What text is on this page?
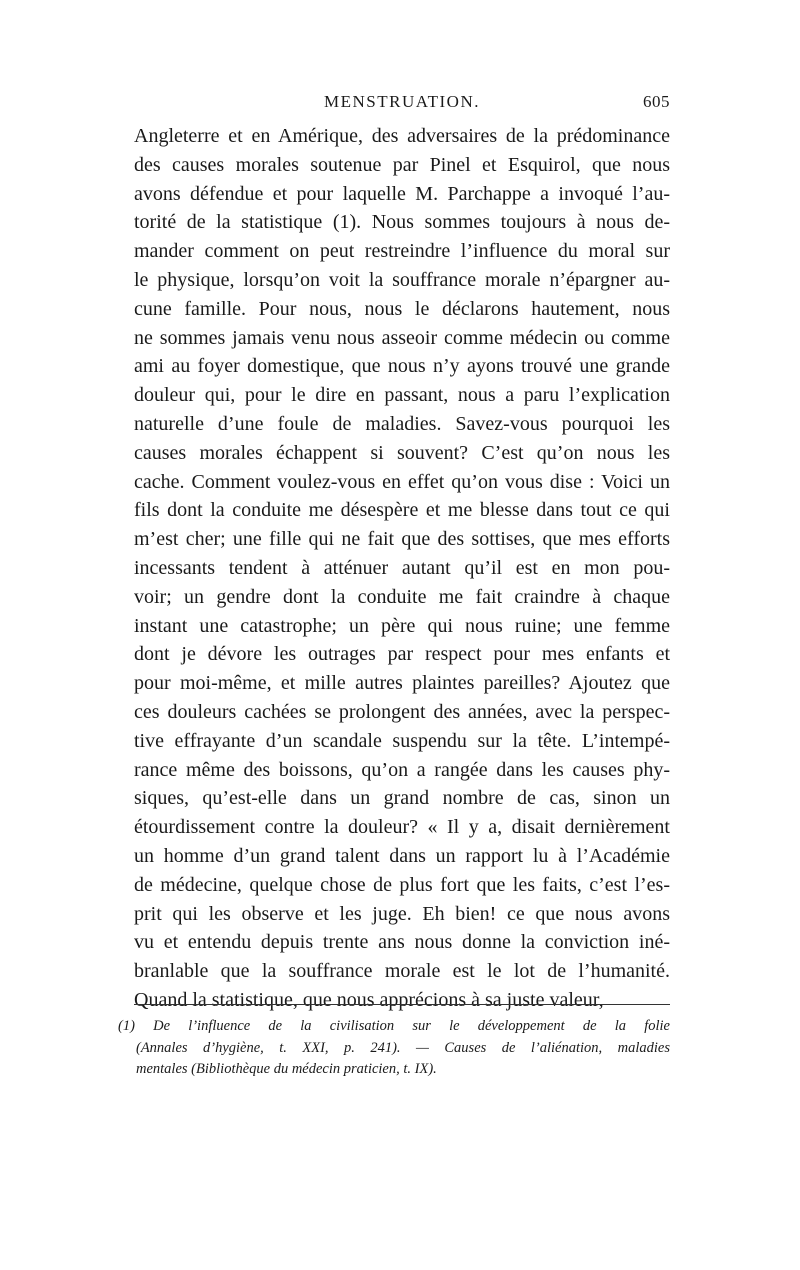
MENSTRUATION.	605
Angleterre et en Amérique, des adversaires de la prédominance
des causes morales soutenue par Pinel et Esquirol, que nous
avons défendue et pour laquelle M. Parchappe a invoqué l’au-
torité de la statistique (1). Nous sommes toujours à nous de-
mander comment on peut restreindre l’influence du moral sur
le physique, lorsqu’on voit la souffrance morale n’épargner au-
cune famille. Pour nous, nous le déclarons hautement, nous
ne sommes jamais venu nous asseoir comme médecin ou comme
ami au foyer domestique, que nous n’y ayons trouvé une grande
douleur qui, pour le dire en passant, nous a paru l’explication
naturelle d’une foule de maladies. Savez-vous pourquoi les
causes morales échappent si souvent? C’est qu’on nous les
cache. Comment voulez-vous en effet qu’on vous dise : Voici un
fils dont la conduite me désespère et me blesse dans tout ce qui
m’est cher; une fille qui ne fait que des sottises, que mes efforts
incessants tendent à atténuer autant qu’il est en mon pou-
voir; un gendre dont la conduite me fait craindre à chaque
instant une catastrophe; un père qui nous ruine; une femme
dont je dévore les outrages par respect pour mes enfants et
pour moi-même, et mille autres plaintes pareilles? Ajoutez que
ces douleurs cachées se prolongent des années, avec la perspec-
tive effrayante d’un scandale suspendu sur la tête. L’intempé-
rance même des boissons, qu’on a rangée dans les causes phy-
siques, qu’est-elle dans un grand nombre de cas, sinon un
étourdissement contre la douleur? « Il y a, disait dernièrement
un homme d’un grand talent dans un rapport lu à l’Académie
de médecine, quelque chose de plus fort que les faits, c’est l’es-
prit qui les observe et les juge. Eh bien! ce que nous avons
vu et entendu depuis trente ans nous donne la conviction iné-
branlable que la souffrance morale est le lot de l’humanité.
Quand la statistique, que nous apprécions à sa juste valeur,
(1) De l’influence de la civilisation sur le développement de la folie
(Annales d’hygiène, t. XXI, p. 241). — Causes de l’aliénation, maladies
mentales (Bibliothèque du médecin praticien, t. IX).
